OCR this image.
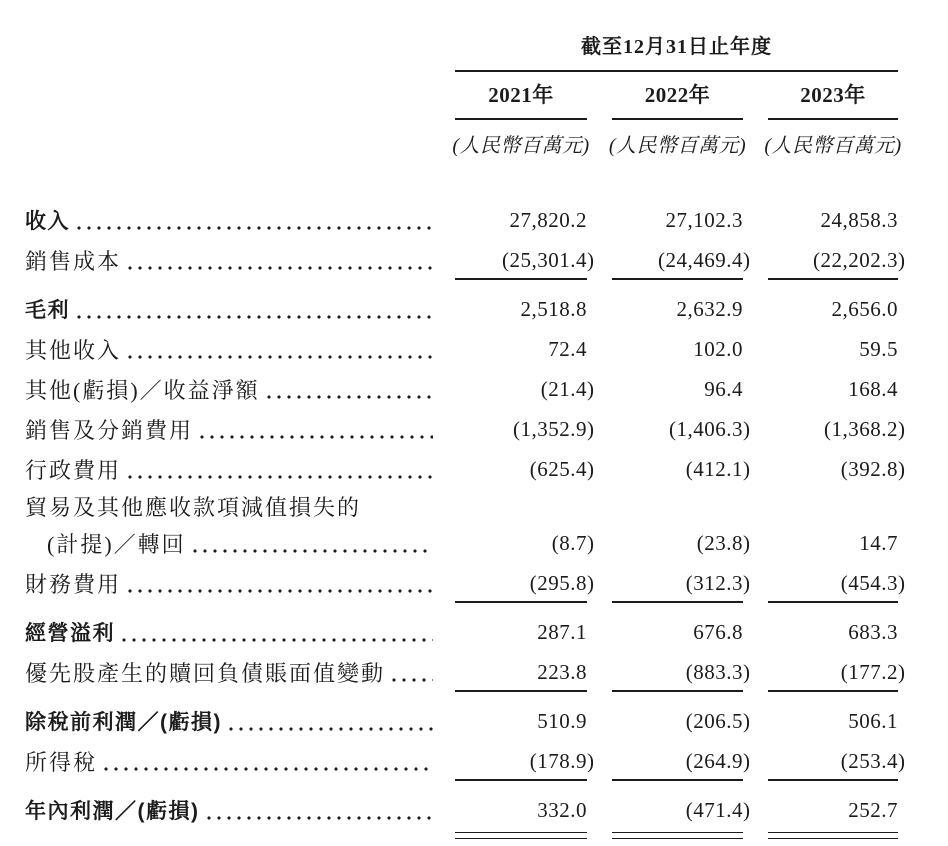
截至12月31日止年度
2021年	2022年	2023年
(人民幣百萬元) (人民幣百萬元) (人民幣百萬元)
收入	27,820.2	27,102.3	24,858.3
銷售成本	(25,301.4)	(24,469.4)	(22,202.3)
毛利	2,518.8	2,632.9	2,656.0
其他收入	72.4	102.0	59.5
其他(虧損)／收益淨額	(21.4)	96.4	168.4
銷售及分銷費用	(1,352.9)	(1,406.3)	(1,368.2)
行政費用	(625.4)	(412.1)	(392.8)
貿易及其他應收款項減值損失的
(計提)／轉回	(8.7)	(23.8)	14.7
財務費用	(295.8)	(312.3)	(454.3)
經營溢利	287.1	676.8	683.3
優先股產生的贖回負債賬面值變動	223.8	(883.3)	(177.2)
除稅前利潤／(虧損)	510.9	(206.5)	506.1
所得稅	(178.9)	(264.9)	(253.4)
年內利潤／(虧損)	332.0	(471.4)	252.7
